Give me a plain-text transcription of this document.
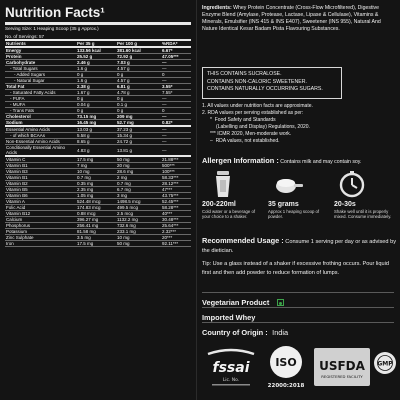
Nutrition Facts¹
Serving Size: 1 Heaping Scoop (35 g Approx.)
No. of Servings: 57
Nutrients	Per 35 g	Per 100 g	%RDA*
Energy	133.56 kcal	381.60 kcal	6.67*
Protein	25.52 g	72.92 g	47.05***
Carbohydrate	2.46 g	7.03 g	—
- Total Sugars	1.6 g	4.57 g	—
- Added Sugars	0 g	0 g	0
- Natural Sugar	1.6 g	4.57 g	—
Total Fat	2.38 g	6.81 g	3.55*
- Saturated Fatty Acids	1.67 g	4.78 g	7.55*
- PUFA	0 g	0 g	—
- MUFA	0.04 g	0.1 g	—
- Trans Fats	0 g	0 g	0
Cholesterol	73.15 mg	209 mg	—
Sodium	16.45 mg	52.7 mg	0.82*
Essential Amino Acids	13.03 g	37.23 g	—
- of which BCAAs	5.58 g	15.34 g	—
Non-Essential Amino Acids	8.65 g	24.72 g	—
Conditionally Essential Amino Acids	4.83 g	13.81 g	—
Vitamin C	17.5 mg	50 mg	21.88***
Vitamin B1	7 mg	20 mg	500***
Vitamin B3	10 mg	28.6 mg	100***
Vitamin B1	0.7 mg	2 mg	58.33***
Vitamin B2	0.35 mg	0.7 mg	28.12***
Vitamin B5	2.35 mg	6.7 mg	47***
Vitamin B6	1.05 mg	3 mg	43.75***
Vitamin A	524.48 mcg	1498.5 mcg	52.45***
Folic Acid	174.83 mcg	499.5 mcg	58.28***
Vitamin B12	0.88 mcg	2.5 mcg	40***
Calcium	396.27 mg	1132.2 mg	30.48***
Phosphorus	256.41 mg	732.6 mg	25.64***
Potassium	81.58 mg	233.1 mg	2.32***
Zinc Sulphate	3.5 mg	10 mg	20***
Iron	17.5 mg	50 mg	92.11***
Ingredients: Whey Protein Concentrate (Cross-Flow Microfiltered), Digestive Enzyme Blend (Amylase, Protease, Lactase, Lipase & Cellulase), Vitamins & Minerals, Emulsifier (INS 415 & INS E407), Sweetener (INS 955), Natural And Nature Identical Kesar Badam Pista Flavouring Substances.
THIS CONTAINS SUCRALOSE.
CONTAINS NON-CALORIC SWEETENER.
CONTAINS NATURALLY OCCURRING SUGARS.
1. All values under nutrition facts are approximate.
2. RDA values per serving established as per:
*  Food Safety and Standards
(Labelling and Display) Regulations, 2020.
*** ICMR 2020, Men-moderate work.
–  RDA values, not established.
Allergen Information : Contains milk and may contain soy.
200-220ml
Cold water or a beverage of your choice to a shaker.
35 grams
Approx 1 heaping scoop of powder.
20-30s
Shake well until it is properly mixed. Consume immediately.
Recommended Usage : Consume 1 serving per day or as advised by the dietician.
Tip: Use a glass instead of a shaker if excessive frothing occurs. Pour liquid first and then add powder to reduce formation of lumps.
Vegetarian Product
Imported Whey
Country of Origin : India
fssai
Lic. No.
ISO
22000:2018
USFDA
REGISTERED FACILITY
GMP
